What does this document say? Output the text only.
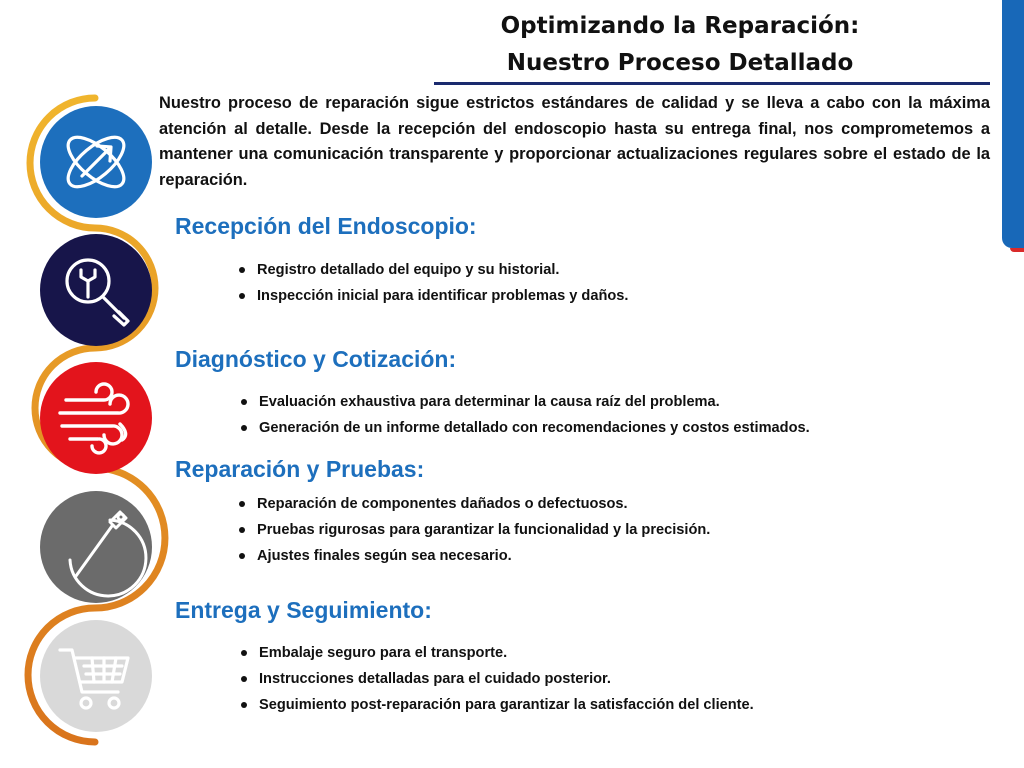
Optimizando la Reparación:
Nuestro Proceso Detallado

Nuestro proceso de reparación sigue estrictos estándares de calidad y se lleva a cabo con la máxima atención al detalle. Desde la recepción del endoscopio hasta su entrega final, nos comprometemos a mantener una comunicación transparente y proporcionar actualizaciones regulares sobre el estado de la reparación.

Recepción del Endoscopio:
Registro detallado del equipo y su historial.
Inspección inicial para identificar problemas y daños.
Diagnóstico y Cotización:
Evaluación exhaustiva para determinar la causa raíz del problema.
Generación de un informe detallado con recomendaciones y costos estimados.
Reparación y Pruebas:
Reparación de componentes dañados o defectuosos.
Pruebas rigurosas para garantizar la funcionalidad y la precisión.
Ajustes finales según sea necesario.
Entrega y Seguimiento:
Embalaje seguro para el transporte.
Instrucciones detalladas para el cuidado posterior.
Seguimiento post-reparación para garantizar la satisfacción del cliente.
